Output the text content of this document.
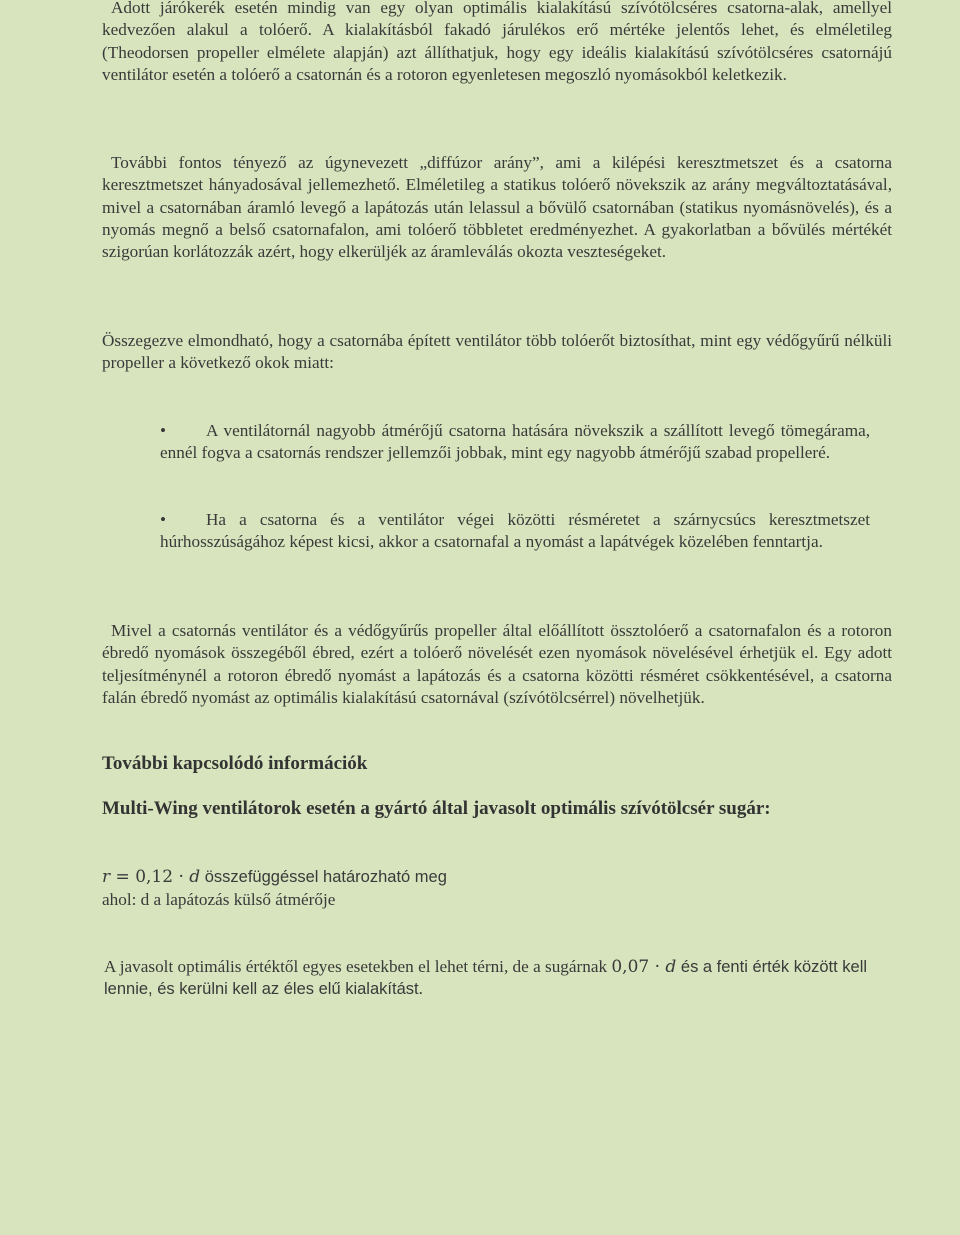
Adott járókerék esetén mindig van egy olyan optimális kialakítású szívótölcséres csatorna-alak, amellyel kedvezően alakul a tolóerő. A kialakításból fakadó járulékos erő mértéke jelentős lehet, és elméletileg (Theodorsen propeller elmélete alapján) azt állíthatjuk, hogy egy ideális kialakítású szívótölcséres csatornájú ventilátor esetén a tolóerő a csatornán és a rotoron egyenletesen megoszló nyomásokból keletkezik.

További fontos tényező az úgynevezett „diffúzor arány”, ami a kilépési keresztmetszet és a csatorna keresztmetszet hányadosával jellemezhető. Elméletileg a statikus tolóerő növekszik az arány megváltoztatásával, mivel a csatornában áramló levegő a lapátozás után lelassul a bővülő csatornában (statikus nyomásnövelés), és a nyomás megnő a belső csatornafalon, ami tolóerő többletet eredményezhet. A gyakorlatban a bővülés mértékét szigorúan korlátozzák azért, hogy elkerüljék az áramleválás okozta veszteségeket.

Összegezve elmondható, hogy a csatornába épített ventilátor több tolóerőt biztosíthat, mint egy védőgyűrű nélküli propeller a következő okok miatt:

• A ventilátornál nagyobb átmérőjű csatorna hatására növekszik a szállított levegő tömegárama, ennél fogva a csatornás rendszer jellemzői jobbak, mint egy nagyobb átmérőjű szabad propelleré.

• Ha a csatorna és a ventilátor végei közötti résméretet a szárnycsúcs keresztmetszet húrhosszúságához képest kicsi, akkor a csatornafal a nyomást a lapátvégek közelében fenntartja.

Mivel a csatornás ventilátor és a védőgyűrűs propeller által előállított össztolóerő a csatornafalon és a rotoron ébredő nyomások összegéből ébred, ezért a tolóerő növelését ezen nyomások növelésével érhetjük el. Egy adott teljesítménynél a rotoron ébredő nyomást a lapátozás és a csatorna közötti résméret csökkentésével, a csatorna falán ébredő nyomást az optimális kialakítású csatornával (szívótölcsérrel) növelhetjük.

További kapcsolódó információk
Multi-Wing ventilátorok esetén a gyártó által javasolt optimális szívótölcsér sugár:

r = 0,12 · d összefüggéssel határozható meg

ahol: d a lapátozás külső átmérője

A javasolt optimális értéktől egyes esetekben el lehet térni, de a sugárnak 0,07 · d és a fenti érték között kell lennie, és kerülni kell az éles elű kialakítást.
